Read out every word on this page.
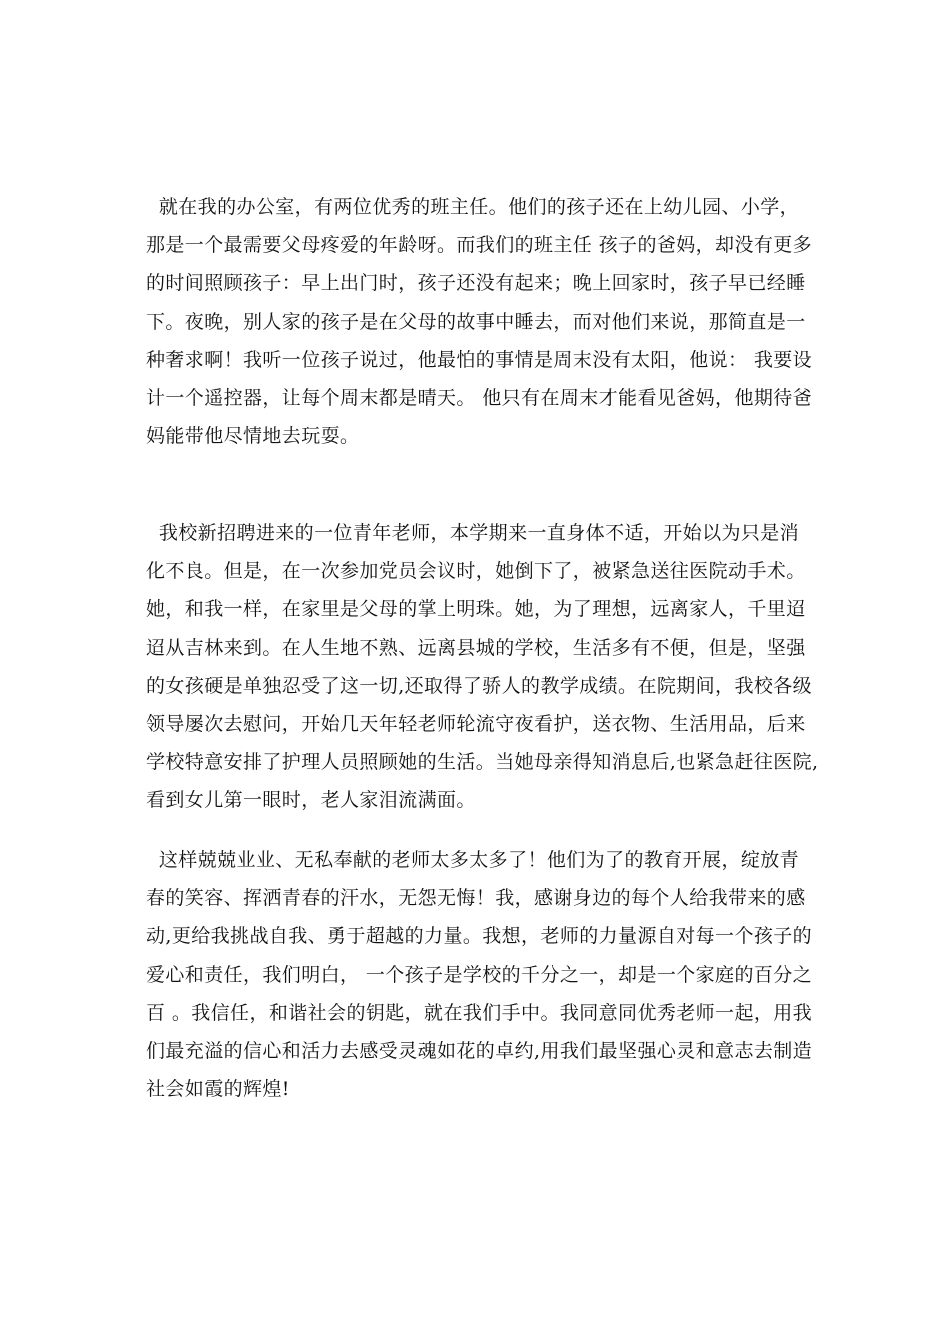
就在我的办公室，有两位优秀的班主任。他们的孩子还在上幼儿园、小学，
那是一个最需要父母疼爱的年龄呀。而我们的班主任 孩子的爸妈，却没有更多
的时间照顾孩子：早上出门时，孩子还没有起来；晚上回家时，孩子早已经睡
下。夜晚，别人家的孩子是在父母的故事中睡去，而对他们来说，那简直是一
种奢求啊！我听一位孩子说过，他最怕的事情是周末没有太阳，他说： 我要设
计一个遥控器，让每个周末都是晴天。 他只有在周末才能看见爸妈，他期待爸
妈能带他尽情地去玩耍。
我校新招聘进来的一位青年老师，本学期来一直身体不适，开始以为只是消
化不良。但是，在一次参加党员会议时，她倒下了，被紧急送往医院动手术。
她，和我一样，在家里是父母的掌上明珠。她，为了理想，远离家人，千里迢
迢从吉林来到。在人生地不熟、远离县城的学校，生活多有不便，但是，坚强
的女孩硬是单独忍受了这一切,还取得了骄人的教学成绩。在院期间，我校各级
领导屡次去慰问，开始几天年轻老师轮流守夜看护，送衣物、生活用品，后来
学校特意安排了护理人员照顾她的生活。当她母亲得知消息后,也紧急赶往医院,
看到女儿第一眼时，老人家泪流满面。
这样兢兢业业、无私奉献的老师太多太多了！他们为了的教育开展，绽放青
春的笑容、挥洒青春的汗水，无怨无悔！我，感谢身边的每个人给我带来的感
动,更给我挑战自我、勇于超越的力量。我想，老师的力量源自对每一个孩子的
爱心和责任，我们明白， 一个孩子是学校的千分之一，却是一个家庭的百分之
百 。我信任，和谐社会的钥匙，就在我们手中。我同意同优秀老师一起，用我
们最充溢的信心和活力去感受灵魂如花的卓约,用我们最坚强心灵和意志去制造
社会如霞的辉煌!
